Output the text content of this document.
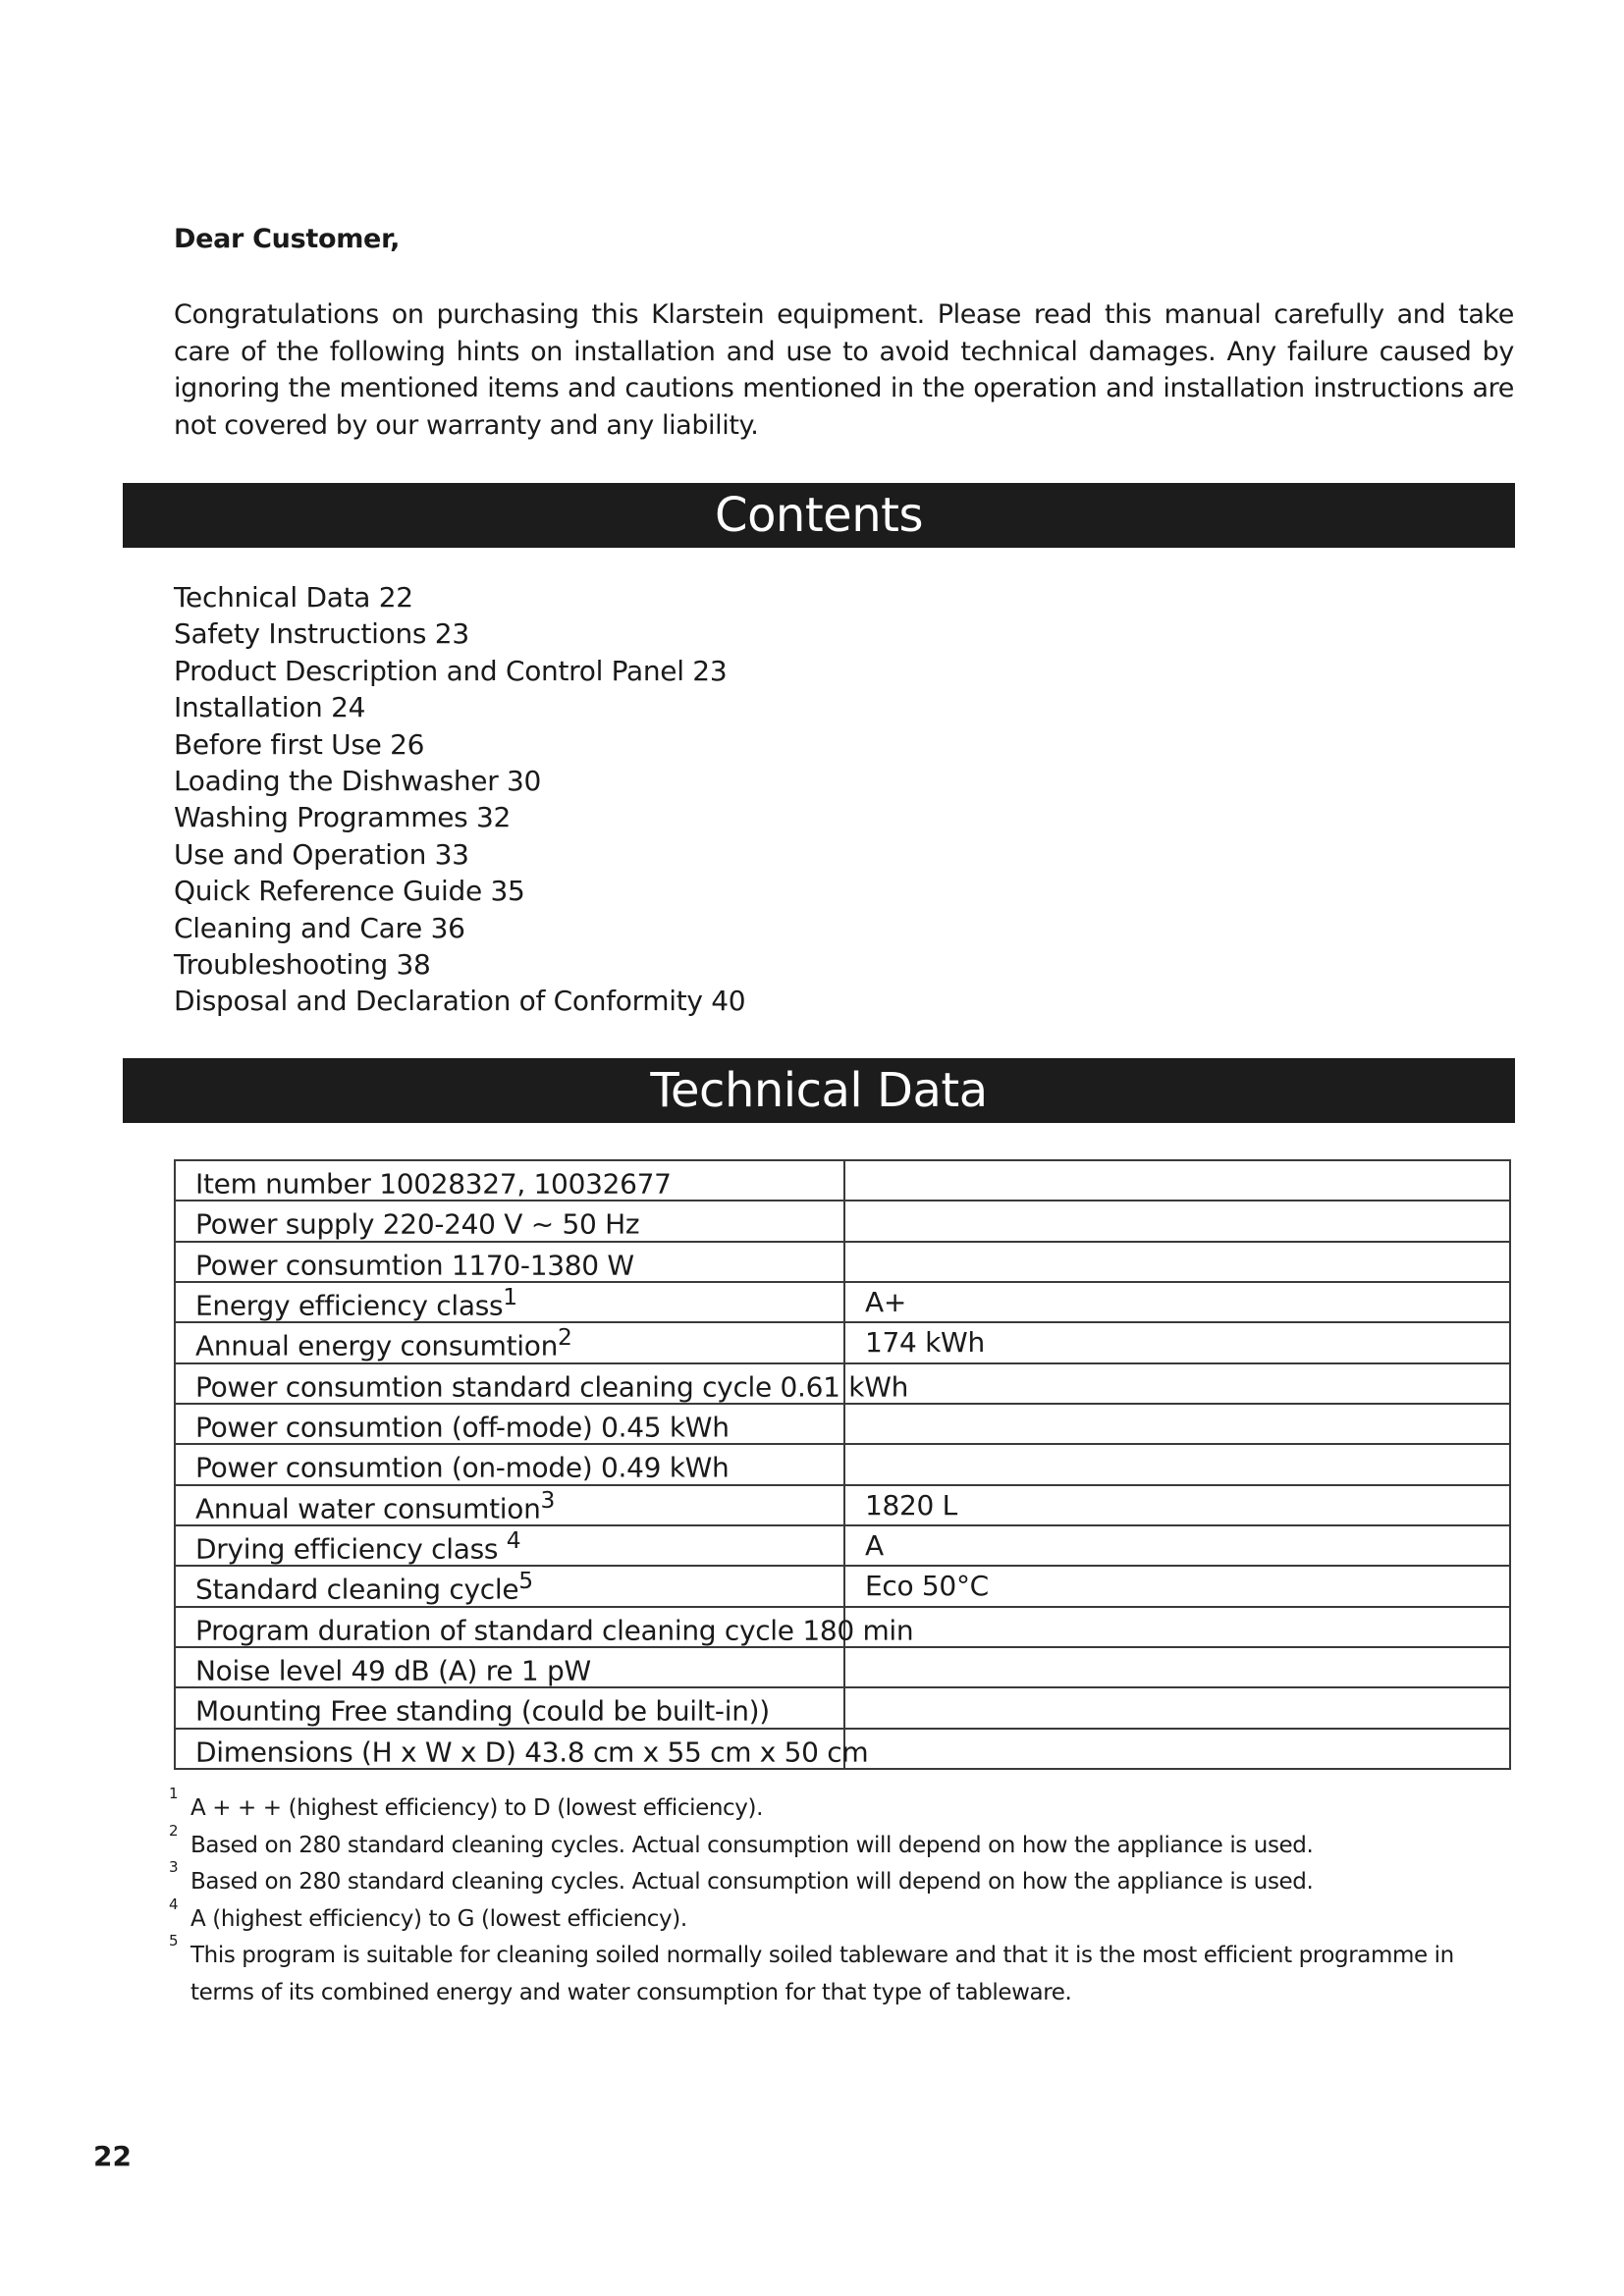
Dear Customer,

Congratulations on purchasing this Klarstein equipment. Please read this manual carefully and take care of the following hints on installation and use to avoid technical damages. Any failure caused by ignoring the mentioned items and cautions mentioned in the operation and installation instructions are not covered by our warranty and any liability.

Contents
Technical Data 22
Safety Instructions 23
Product Description and Control Panel 23
Installation 24
Before first Use 26
Loading the Dishwasher 30
Washing Programmes 32
Use and Operation 33
Quick Reference Guide 35
Cleaning and Care 36
Troubleshooting 38
Disposal and Declaration of Conformity 40
Technical Data
Item number 10028327, 10032677	
Power supply 220-240 V ~ 50 Hz	
Power consumtion 1170-1380 W	
Energy efficiency class$^1$	A+
Annual energy consumtion$^2$	174 kWh
Power consumtion standard cleaning cycle 0.61 kWh	
Power consumtion (off-mode) 0.45 kWh	
Power consumtion (on-mode) 0.49 kWh	
Annual water consumtion$^3$	1820 L
Drying efficiency class $^4$	A
Standard cleaning cycle$^5$	Eco 50°C
Program duration of standard cleaning cycle 180 min	
Noise level 49 dB (A) re 1 pW	
Mounting Free standing (could be built-in))	
Dimensions (H x W x D) 43.8 cm x 55 cm x 50 cm	
1
A + + + (highest efficiency) to D (lowest efficiency).
2
Based on 280 standard cleaning cycles. Actual consumption will depend on how the appliance is used.
3
Based on 280 standard cleaning cycles. Actual consumption will depend on how the appliance is used.
4
A (highest efficiency) to G (lowest efficiency).
5
This program is suitable for cleaning soiled normally soiled tableware and that it is the most efficient programme in terms of its combined energy and water consumption for that type of tableware.
22
